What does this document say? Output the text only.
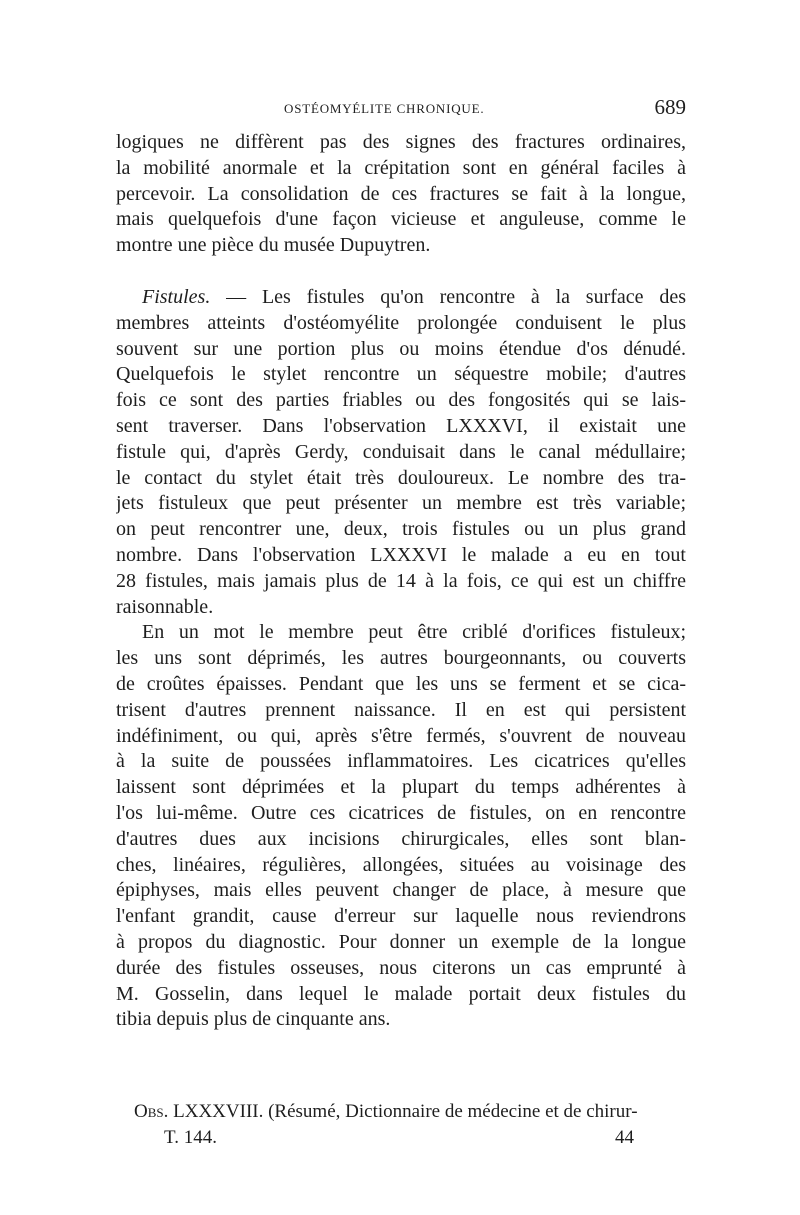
OSTÉOMYÉLITE CHRONIQUE.	689
logiques ne diffèrent pas des signes des fractures ordinaires,
la mobilité anormale et la crépitation sont en général faciles à
percevoir. La consolidation de ces fractures se fait à la longue,
mais quelquefois d'une façon vicieuse et anguleuse, comme le
montre une pièce du musée Dupuytren.
Fistules. — Les fistules qu'on rencontre à la surface des
membres atteints d'ostéomyélite prolongée conduisent le plus
souvent sur une portion plus ou moins étendue d'os dénudé.
Quelquefois le stylet rencontre un séquestre mobile; d'autres
fois ce sont des parties friables ou des fongosités qui se lais-
sent traverser. Dans l'observation LXXXVI, il existait une
fistule qui, d'après Gerdy, conduisait dans le canal médullaire;
le contact du stylet était très douloureux. Le nombre des tra-
jets fistuleux que peut présenter un membre est très variable;
on peut rencontrer une, deux, trois fistules ou un plus grand
nombre. Dans l'observation LXXXVI le malade a eu en tout
28 fistules, mais jamais plus de 14 à la fois, ce qui est un chiffre
raisonnable.
En un mot le membre peut être criblé d'orifices fistuleux;
les uns sont déprimés, les autres bourgeonnants, ou couverts
de croûtes épaisses. Pendant que les uns se ferment et se cica-
trisent d'autres prennent naissance. Il en est qui persistent
indéfiniment, ou qui, après s'être fermés, s'ouvrent de nouveau
à la suite de poussées inflammatoires. Les cicatrices qu'elles
laissent sont déprimées et la plupart du temps adhérentes à
l'os lui-même. Outre ces cicatrices de fistules, on en rencontre
d'autres dues aux incisions chirurgicales, elles sont blan-
ches, linéaires, régulières, allongées, situées au voisinage des
épiphyses, mais elles peuvent changer de place, à mesure que
l'enfant grandit, cause d'erreur sur laquelle nous reviendrons
à propos du diagnostic. Pour donner un exemple de la longue
durée des fistules osseuses, nous citerons un cas emprunté à
M. Gosselin, dans lequel le malade portait deux fistules du
tibia depuis plus de cinquante ans.
Obs. LXXXVIII. (Résumé, Dictionnaire de médecine et de chirur-
T. 144.	44
